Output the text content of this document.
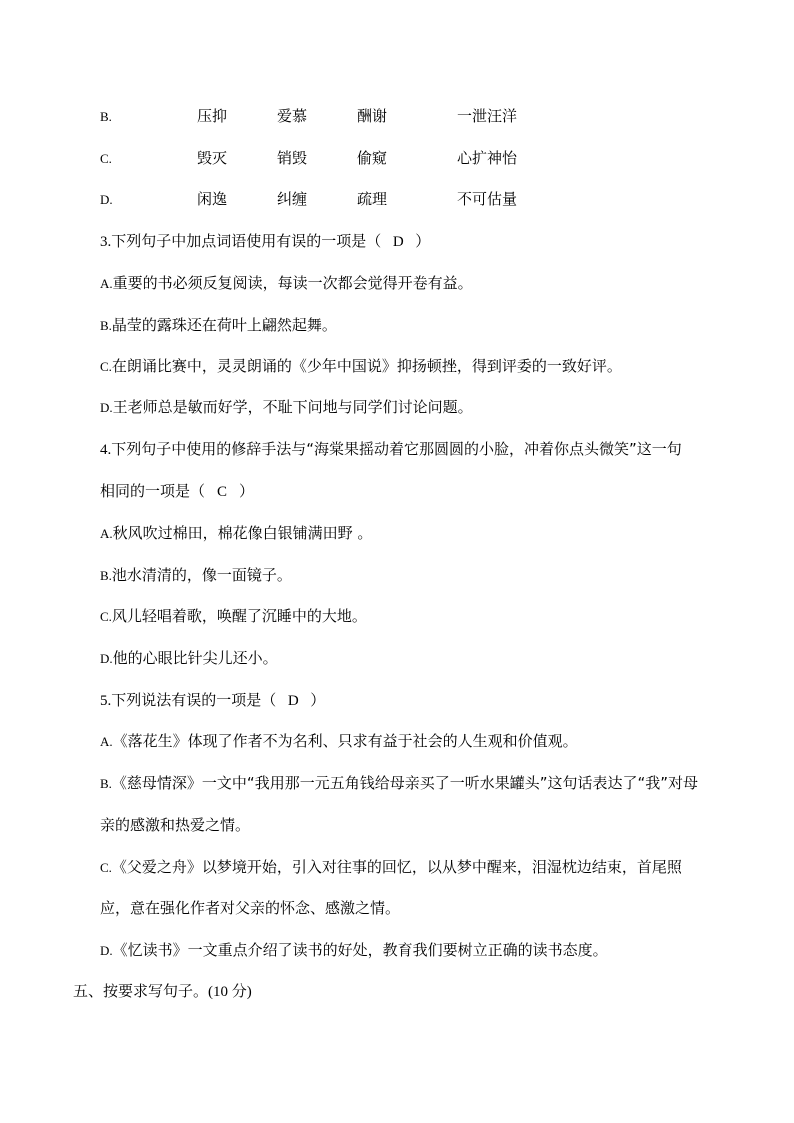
B.	压抑	爱慕	酬谢	一泄汪洋
C.	毁灭	销毁	偷窥	心扩神怡
D.	闲逸	纠缠	疏理	不可估量
3.下列句子中加点词语使用有误的一项是（ D ）
A.重要的书必须反复阅读，每读一次都会觉得开卷有益。
B.晶莹的露珠还在荷叶上翩然起舞。
C.在朗诵比赛中，灵灵朗诵的《少年中国说》抑扬顿挫，得到评委的一致好评。
D.王老师总是敏而好学，不耻下问地与同学们讨论问题。
4.下列句子中使用的修辞手法与“海棠果摇动着它那圆圆的小脸，冲着你点头微笑”这一句
相同的一项是（ C ）
A.秋风吹过棉田，棉花像白银铺满田野 。
B.池水清清的，像一面镜子。
C.风儿轻唱着歌，唤醒了沉睡中的大地。
D.他的心眼比针尖儿还小。
5.下列说法有误的一项是（ D ）
A.《落花生》体现了作者不为名利、只求有益于社会的人生观和价值观。
B.《慈母情深》一文中“我用那一元五角钱给母亲买了一听水果罐头”这句话表达了“我”对母
亲的感激和热爱之情。
C.《父爱之舟》以梦境开始，引入对往事的回忆，以从梦中醒来，泪湿枕边结束，首尾照
应，意在强化作者对父亲的怀念、感激之情。
D.《忆读书》一文重点介绍了读书的好处，教育我们要树立正确的读书态度。
五、按要求写句子。(10 分)
